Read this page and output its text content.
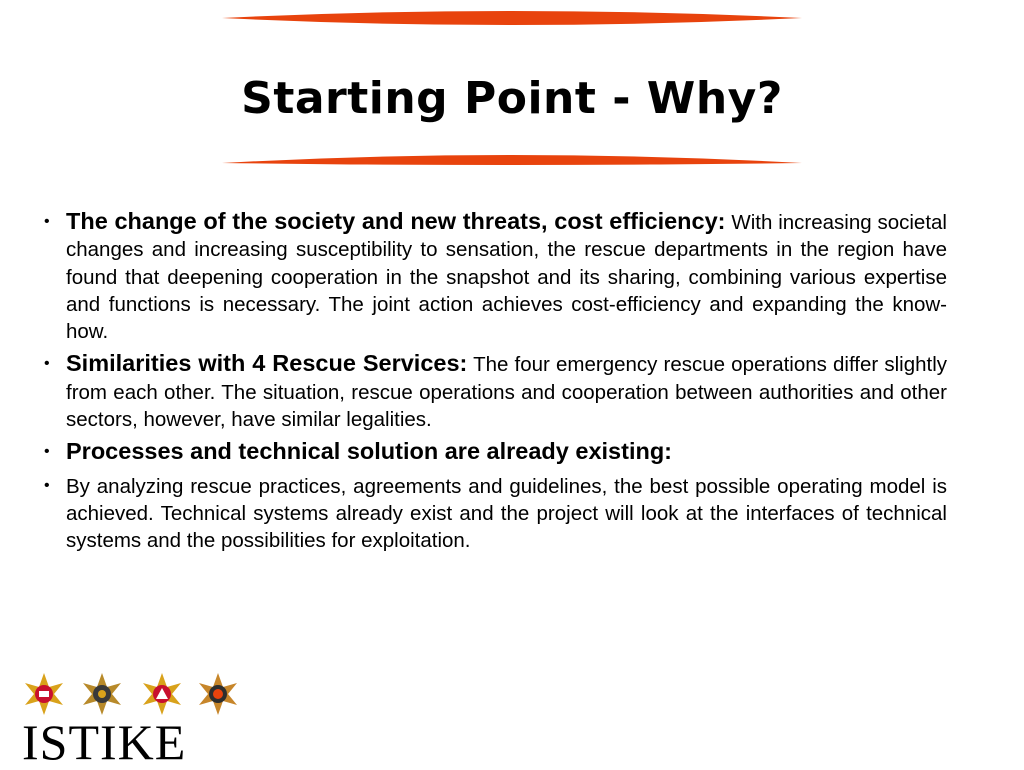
Starting Point - Why?
• The change of the society and new threats, cost efficiency: With increasing societal changes and increasing susceptibility to sensation, the rescue departments in the region have found that deepening cooperation in the snapshot and its sharing, combining various expertise and functions is necessary. The joint action achieves cost-efficiency and expanding the know-how.
• Similarities with 4 Rescue Services: The four emergency rescue operations differ slightly from each other. The situation, rescue operations and cooperation between authorities and other sectors, however, have similar legalities.
• Processes and technical solution are already existing:
• By analyzing rescue practices, agreements and guidelines, the best possible operating model is achieved. Technical systems already exist and the project will look at the interfaces of technical systems and the possibilities for exploitation.
ISTIKE
